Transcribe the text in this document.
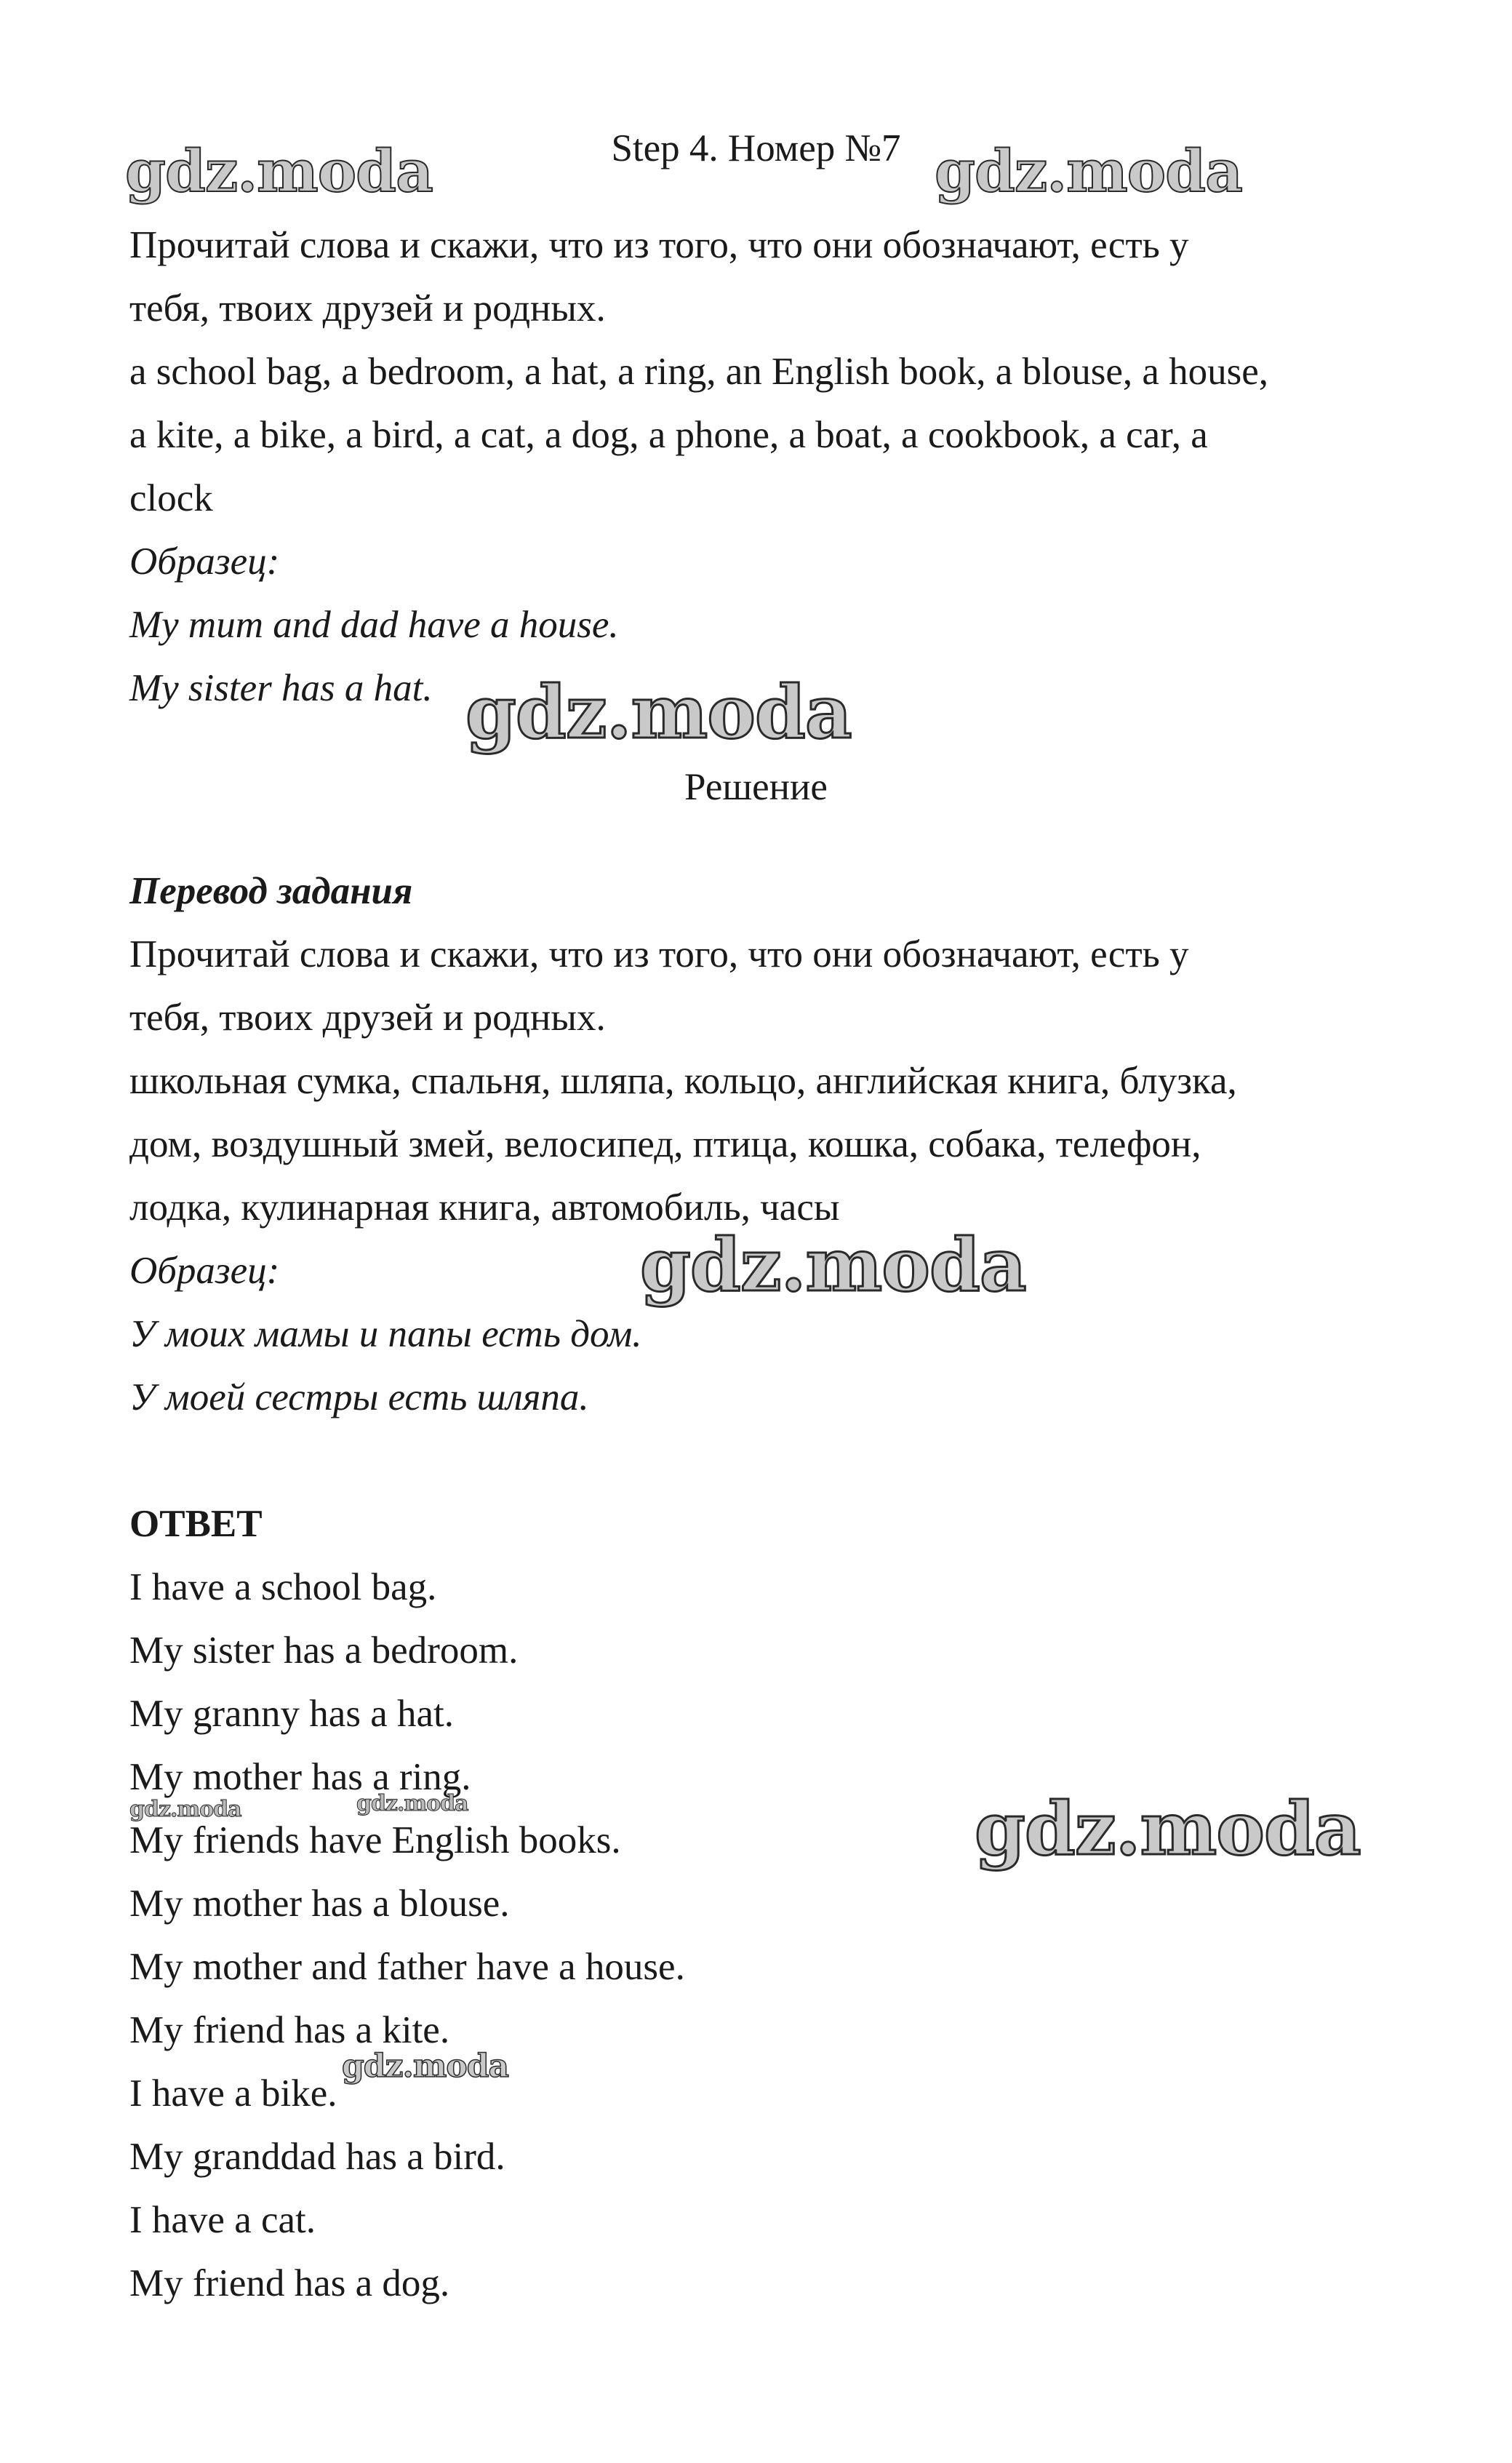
Step 4. Номер №7

Прочитай слова и скажи, что из того, что они обозначают, есть у

тебя, твоих друзей и родных.

a school bag, a bedroom, a hat, a ring, an English book, a blouse, a house,

a kite, a bike, a bird, a cat, a dog, a phone, a boat, a cookbook, a car, a

clock

Образец:

My mum and dad have a house.

My sister has a hat.

Решение

Перевод задания

Прочитай слова и скажи, что из того, что они обозначают, есть у

тебя, твоих друзей и родных.

школьная сумка, спальня, шляпа, кольцо, английская книга, блузка,

дом, воздушный змей, велосипед, птица, кошка, собака, телефон,

лодка, кулинарная книга, автомобиль, часы

Образец:

У моих мамы и папы есть дом.

У моей сестры есть шляпа.

ОТВЕТ

I have a school bag.

My sister has a bedroom.

My granny has a hat.

My mother has a ring.

My friends have English books.

My mother has a blouse.

My mother and father have a house.

My friend has a kite.

I have a bike.

My granddad has a bird.

I have a cat.

My friend has a dog.

gdz.moda	gdz.moda
gdz.moda
gdz.moda
gdz.moda
gdz.moda	gdz.moda
gdz.moda
